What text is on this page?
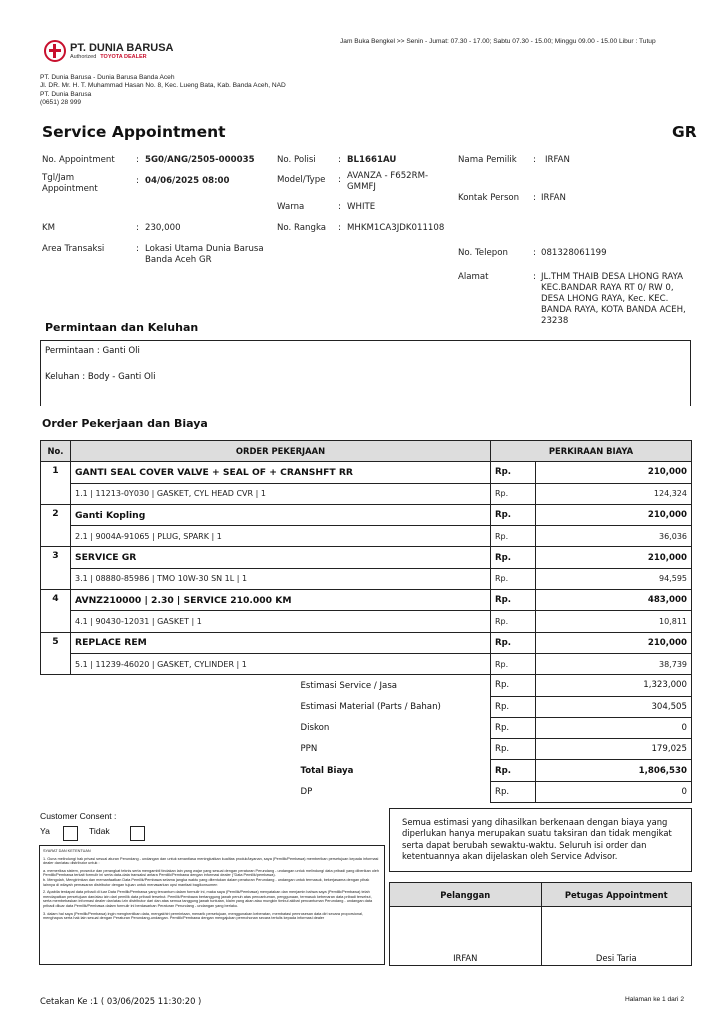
PT. DUNIA BARUSA
Authorized TOYOTA DEALER
Jam Buka Bengkel >> Senin - Jumat: 07.30 - 17.00; Sabtu 07.30 - 15.00; Minggu 09.00 - 15.00 Libur : Tutup
PT. Dunia Barusa - Dunia Barusa Banda Aceh
Jl. DR. Mr. H. T. Muhammad Hasan No. 8, Kec. Lueng Bata, Kab. Banda Aceh, NAD
PT. Dunia Barusa
(0651) 28 999
Service Appointment	GR
No. Appointment : 5G0/ANG/2505-000035
Tgl/Jam
Appointment
: 04/06/2025 08:00
KM	: 230,000
Area Transaksi	: Lokasi Utama Dunia Barusa
Banda Aceh GR
No. Polisi	: BL1661AU
Model/Type : AVANZA - F652RM-
GMMFJ
Warna	: WHITE
No. Rangka : MHKM1CA3JDK011108
Nama Pemilik : IRFAN
Kontak Person : IRFAN
No. Telepon	: 081328061199
Alamat	: JL.THM THAIB DESA LHONG RAYA
KEC.BANDAR RAYA RT 0/ RW 0,
DESA LHONG RAYA, Kec. KEC.
BANDA RAYA, KOTA BANDA ACEH,
23238
Permintaan dan Keluhan
Permintaan : Ganti Oli
Keluhan : Body - Ganti Oli
Order Pekerjaan dan Biaya
No.	ORDER PEKERJAAN	PERKIRAAN BIAYA	
1	GANTI SEAL COVER VALVE + SEAL OF + CRANSHFT RR	Rp.	210,000
	1.1 | 11213-0Y030 | GASKET, CYL HEAD CVR | 1	Rp.	124,324
2	Ganti Kopling	Rp.	210,000
	2.1 | 9004A-91065 | PLUG, SPARK | 1	Rp.	36,036
3	SERVICE GR	Rp.	210,000
	3.1 | 08880-85986 | TMO 10W-30 SN 1L | 1	Rp.	94,595
4	AVNZ210000 | 2.30 | SERVICE 210.000 KM	Rp.	483,000
	4.1 | 90430-12031 | GASKET | 1	Rp.	10,811
5	REPLACE REM	Rp.	210,000
	5.1 | 11239-46020 | GASKET, CYLINDER | 1	Rp.	38,739
Estimasi Service / Jasa		Rp.	1,323,000
Estimasi Material (Parts / Bahan)		Rp.	304,505
Diskon		Rp.	0
PPN		Rp.	179,025
Total Biaya		Rp.	1,806,530
DP		Rp.	0
Customer Consent :
Ya	Tidak

SYARAT DAN KETENTUAN

1. Guna melindungi hak privasi sesuai aturan Perundang - undangan dan untuk senantiasa meningkatkan kualitas produk/layanan, saya (Pemilik/Pembawa) memberikan persetujuan kepada informasi dealer dan/atau distributor untuk :

a. memeriksa sistem, prosedur dan perangkat teknis serta mengambil tindakan lain yang wajar yang sesuai dengan peraturan Perundang - undangan untuk melindungi data pribadi yang diberikan oleh Pemilik/Pembawa terkait formulir ini serta data-data transaksi antara Pemilik/Pembawa dengan informasi dealer ("Data Pemilik/pembawa).

b. Mengolah, Mengirimkan dan memanfaatkan Data Pemilik/Pembawa selama jangka waktu yang ditentukan dalam peraturan Perundang - undangan untuk termasuk, bekerjasama dengan pihak lainnya di wilayah pemasaran distributor dengan tujuan untuk menawarkan opsi manfaat bagikonsumen

2. Apabila terdapat data pribadi di luar Data Pemilik/Pembawa yang tercantum dalam formulir ini, maka saya (Pemilik/Pembawa) menyatakan dan menjamin bahwa saya (Pemilik/Pembawa) telah mendapatkan persetujuan dan/atau izin dari pemilik data pribadi tersebut. Pemilik/Pembawa bertanggung jawab penuh atas pencantuman, penggunaan, termasuk kebenaran data pribadi tersebut, serta membebaskan informasi dealer dan/atau izin distributor dari dan atas semua tanggung jawab tuntutan, klaim yang akan atau mungkin timbul akibat pencantuman Perundang - undangan data pribadi diluar data Pemilik/Pembawa dalam formulir ini berdasarkan Peraturan Perundang - undangan yang berlaku.

3. dalam hal saya (Pemilik/Pembawa) ingin menghentikan data, mengakhiri permintaan, menarik persetujuan, menggunakan keberatan, membatasi pemrosesan data diri secara proporsional, menghapus serta hak lain sesuai dengan Peraturan Perundang-undangan. Pemilik/Pembawa dengan mengajukan permohonan secara tertulis kepada informasi dealer

Semua estimasi yang dihasilkan berkenaan dengan biaya yang diperlukan hanya merupakan suatu taksiran dan tidak mengikat serta dapat berubah sewaktu-waktu. Seluruh isi order dan ketentuannya akan dijelaskan oleh Service Advisor.
Pelanggan
IRFAN
Petugas Appointment
Desi Taria
Cetakan Ke :1 ( 03/06/2025 11:30:20 )	Halaman ke 1 dari 2
